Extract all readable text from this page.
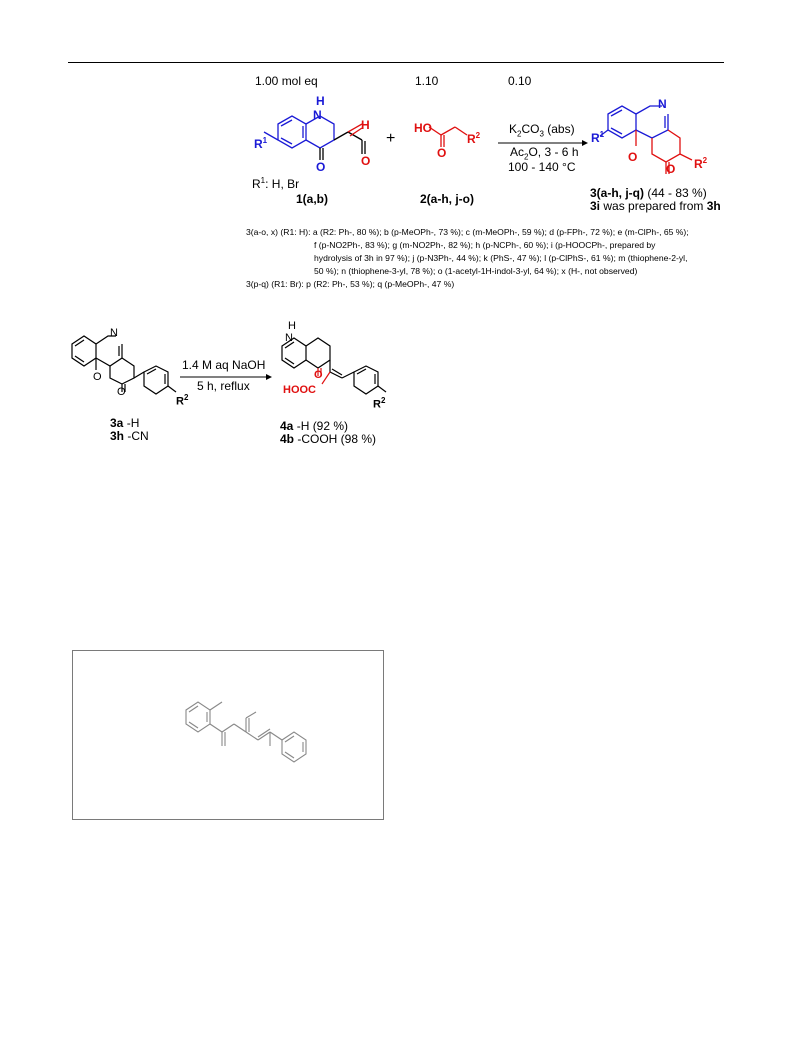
1.00 mol eq	1.10	0.10
H
N
O
H
O
$R^1$
$R^1$: H, Br
1(a,b)
+
HO
O
$R^2$
2(a-h, j-o)
$K_2CO_3$ (abs)
$Ac_2O$, 3 - 6 h
100 - 140 °C
N
$R^1$
O
O $R^2$
3(a-h, j-q) (44 - 83 %)
3i was prepared from 3h
3(a-o, x) (R1: H): a (R2: Ph-, 80 %); b (p-MeOPh-, 73 %); c (m-MeOPh-, 59 %); d (p-FPh-, 72 %); e (m-ClPh-, 65 %);
f (p-NO2Ph-, 83 %); g (m-NO2Ph-, 82 %); h (p-NCPh-, 60 %); i (p-HOOCPh-, prepared by
hydrolysis of 3h in 97 %); j (p-N3Ph-, 44 %); k (PhS-, 47 %); l (p-ClPhS-, 61 %); m (thiophene-2-yl,
50 %); n (thiophene-3-yl, 78 %); o (1-acetyl-1H-indol-3-yl, 64 %); x (H-, not observed)
3(p-q) (R1: Br): p (R2: Ph-, 53 %); q (p-MeOPh-, 47 %)
N
O
O
$R^2$
3a -H
3h -CN
1.4 M aq NaOH
5 h, reflux
H
N
O
HOOC
$R^2$
4a -H (92 %)
4b -COOH (98 %)
